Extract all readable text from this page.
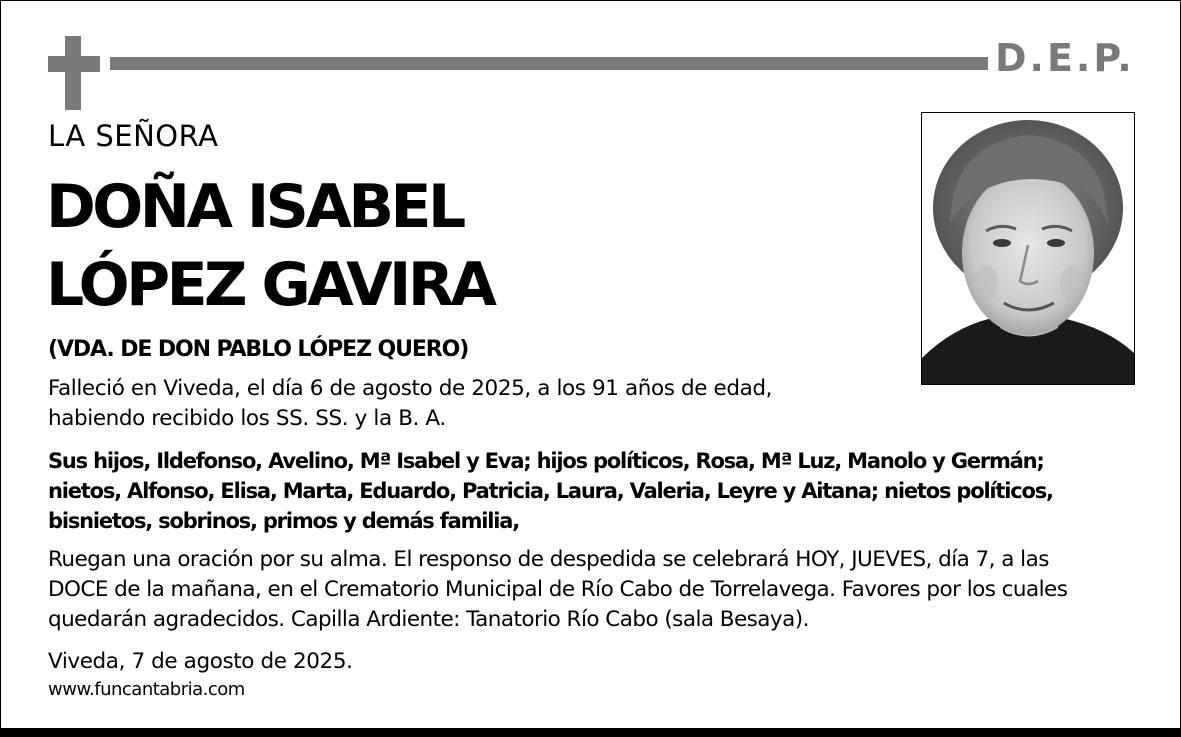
D.E.P.
LA SEÑORA
DOÑA ISABEL
LÓPEZ GAVIRA
(VDA. DE DON PABLO LÓPEZ QUERO)
Falleció en Viveda, el día 6 de agosto de 2025, a los 91 años de edad,
habiendo recibido los SS. SS. y la B. A.
Sus hijos, Ildefonso, Avelino, Mª Isabel y Eva; hijos políticos, Rosa, Mª Luz, Manolo y Germán;
nietos, Alfonso, Elisa, Marta, Eduardo, Patricia, Laura, Valeria, Leyre y Aitana; nietos políticos,
bisnietos, sobrinos, primos y demás familia,
Ruegan una oración por su alma. El responso de despedida se celebrará HOY, JUEVES, día 7, a las
DOCE de la mañana, en el Crematorio Municipal de Río Cabo de Torrelavega. Favores por los cuales
quedarán agradecidos. Capilla Ardiente: Tanatorio Río Cabo (sala Besaya).
Viveda, 7 de agosto de 2025.
www.funcantabria.com
